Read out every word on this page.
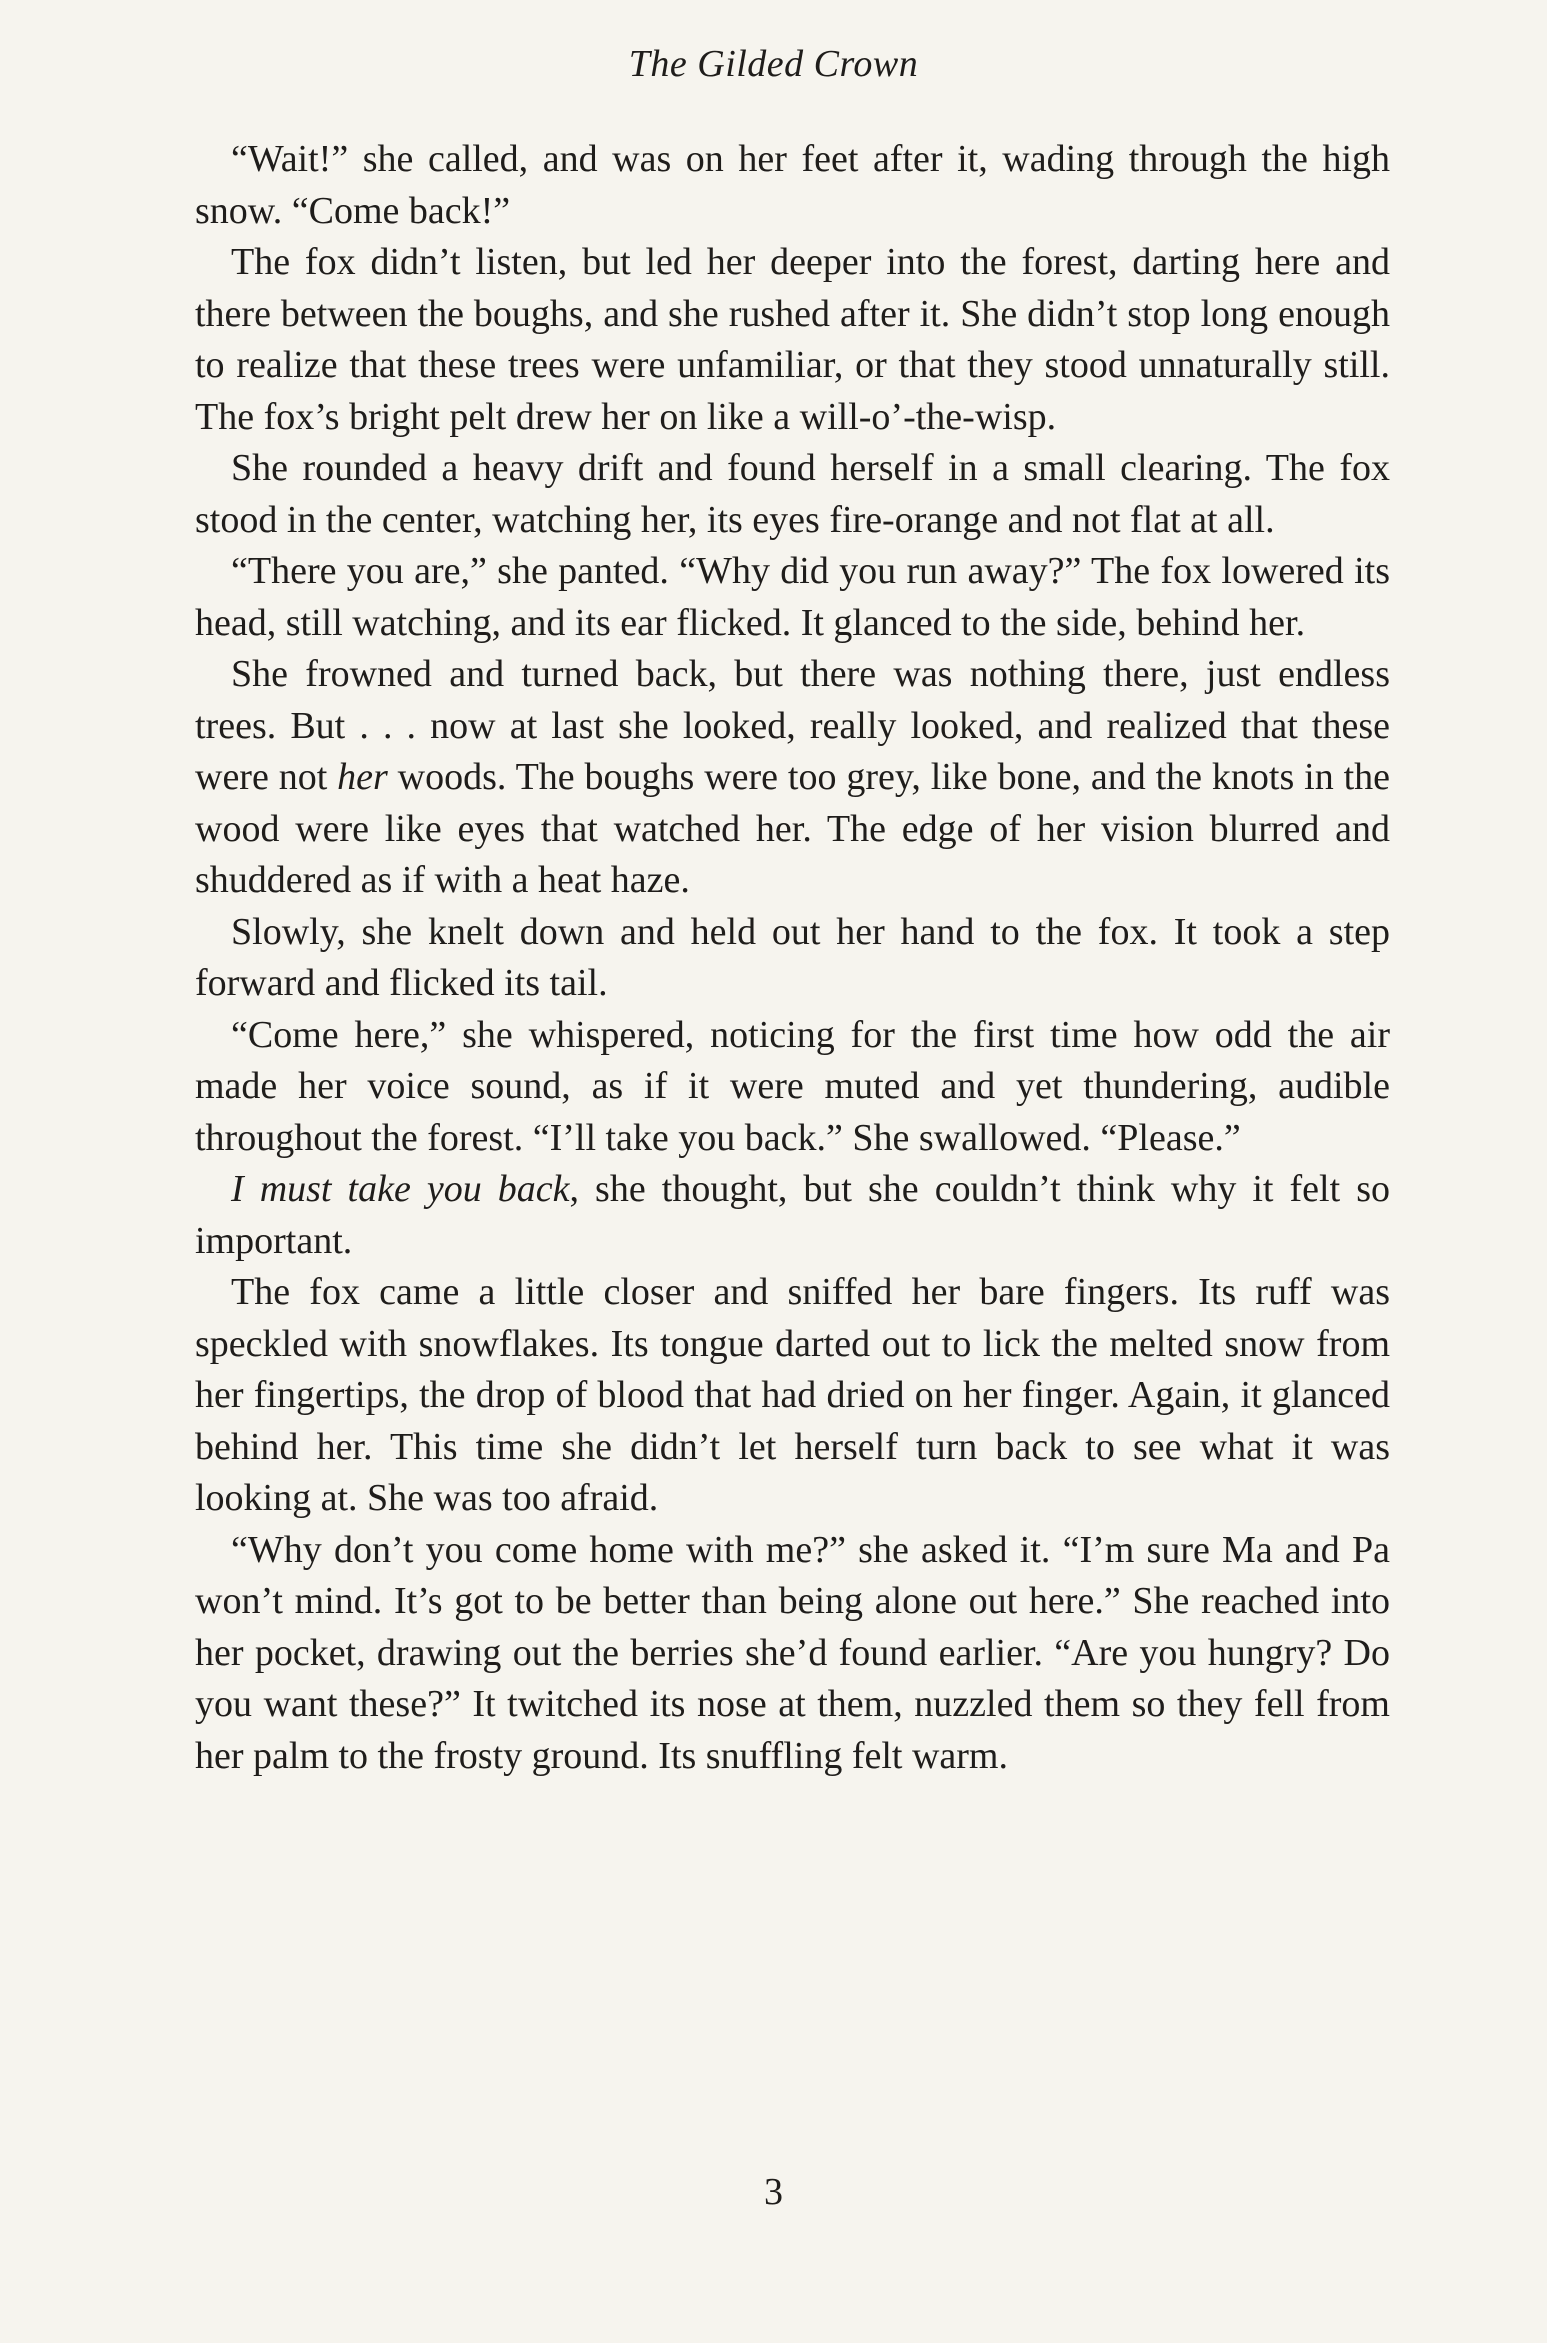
The Gilded Crown

“Wait!” she called, and was on her feet after it, wading through the high snow. “Come back!”

The fox didn’t listen, but led her deeper into the forest, darting here and there between the boughs, and she rushed after it. She didn’t stop long enough to realize that these trees were unfamiliar, or that they stood unnaturally still. The fox’s bright pelt drew her on like a will-o’-the-wisp.

She rounded a heavy drift and found herself in a small clearing. The fox stood in the center, watching her, its eyes fire-orange and not flat at all.

“There you are,” she panted. “Why did you run away?” The fox lowered its head, still watching, and its ear flicked. It glanced to the side, behind her.

She frowned and turned back, but there was nothing there, just endless trees. But . . . now at last she looked, really looked, and realized that these were not her woods. The boughs were too grey, like bone, and the knots in the wood were like eyes that watched her. The edge of her vision blurred and shuddered as if with a heat haze.

Slowly, she knelt down and held out her hand to the fox. It took a step forward and flicked its tail.

“Come here,” she whispered, noticing for the first time how odd the air made her voice sound, as if it were muted and yet thundering, audible throughout the forest. “I’ll take you back.” She swallowed. “Please.”

I must take you back, she thought, but she couldn’t think why it felt so important.

The fox came a little closer and sniffed her bare fingers. Its ruff was speckled with snowflakes. Its tongue darted out to lick the melted snow from her fingertips, the drop of blood that had dried on her finger. Again, it glanced behind her. This time she didn’t let herself turn back to see what it was looking at. She was too afraid.

“Why don’t you come home with me?” she asked it. “I’m sure Ma and Pa won’t mind. It’s got to be better than being alone out here.” She reached into her pocket, drawing out the berries she’d found earlier. “Are you hungry? Do you want these?” It twitched its nose at them, nuzzled them so they fell from her palm to the frosty ground. Its snuffling felt warm.

3
